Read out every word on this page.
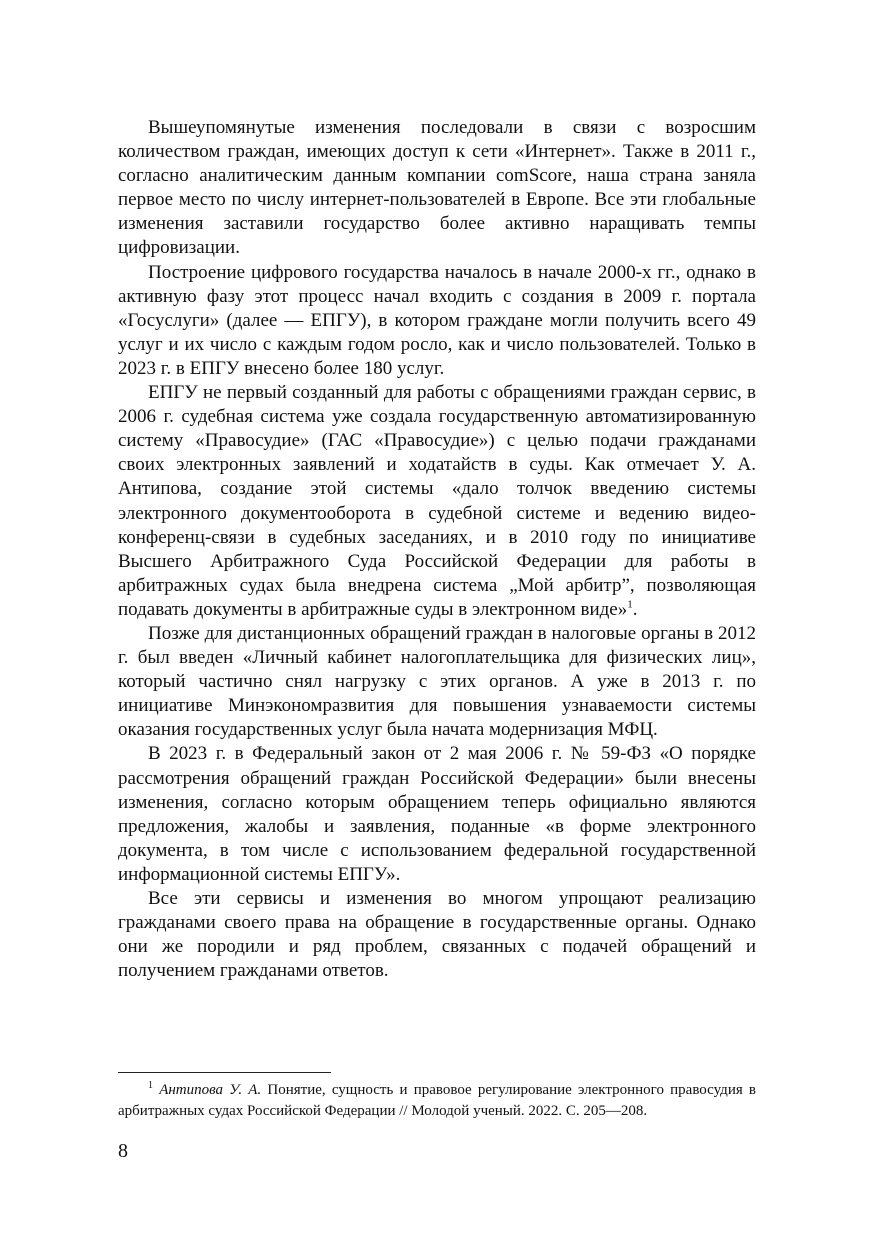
Вышеупомянутые изменения последовали в связи с возросшим количеством граждан, имеющих доступ к сети «Интернет». Также в 2011 г., согласно аналитическим данным компании comScore, наша страна заняла первое место по числу интернет-пользователей в Европе. Все эти глобальные изменения заставили государство более активно наращивать темпы цифровизации.

Построение цифрового государства началось в начале 2000-х гг., однако в активную фазу этот процесс начал входить с создания в 2009 г. портала «Госуслуги» (далее — ЕПГУ), в котором граждане могли получить всего 49 услуг и их число с каждым годом росло, как и число пользователей. Только в 2023 г. в ЕПГУ внесено более 180 услуг.

ЕПГУ не первый созданный для работы с обращениями граждан сервис, в 2006 г. судебная система уже создала государственную автоматизированную систему «Правосудие» (ГАС «Правосудие») с целью подачи гражданами своих электронных заявлений и ходатайств в суды. Как отмечает У. А. Антипова, создание этой системы «дало толчок введению системы электронного документооборота в судебной системе и ведению видео-конференц-связи в судебных заседаниях, и в 2010 году по инициативе Высшего Арбитражного Суда Российской Федерации для работы в арбитражных судах была внедрена система „Мой арбитр”, позволяющая подавать документы в арбитражные суды в электронном виде»$^1$.

Позже для дистанционных обращений граждан в налоговые органы в 2012 г. был введен «Личный кабинет налогоплательщика для физических лиц», который частично снял нагрузку с этих органов. А уже в 2013 г. по инициативе Минэкономразвития для повышения узнаваемости системы оказания государственных услуг была начата модернизация МФЦ.

В 2023 г. в Федеральный закон от 2 мая 2006 г. № 59-ФЗ «О порядке рассмотрения обращений граждан Российской Федерации» были внесены изменения, согласно которым обращением теперь официально являются предложения, жалобы и заявления, поданные «в форме электронного документа, в том числе с использованием федеральной государственной информационной системы ЕПГУ».

Все эти сервисы и изменения во многом упрощают реализацию гражданами своего права на обращение в государственные органы. Однако они же породили и ряд проблем, связанных с подачей обращений и получением гражданами ответов.

$^1$ Антипова У. А. Понятие, сущность и правовое регулирование электронного правосудия в арбитражных судах Российской Федерации // Молодой ученый. 2022. С. 205—208.

8
